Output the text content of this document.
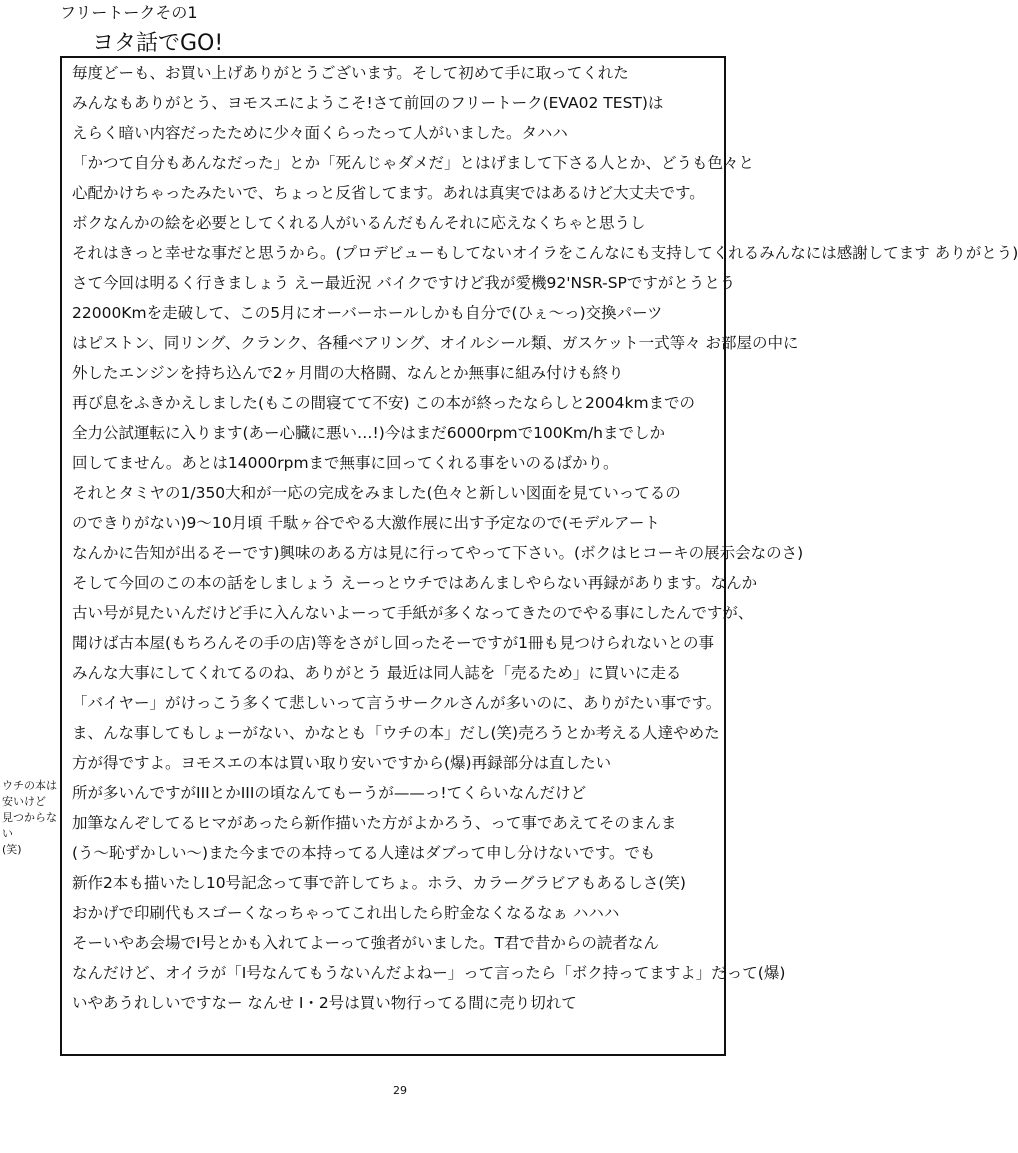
フリートークその1
ヨタ話でGO!
毎度どーも、お買い上げありがとうございます。そして初めて手に取ってくれた
みんなもありがとう、ヨモスエにようこそ!さて前回のフリートーク(EVA02 TEST)は
えらく暗い内容だったために少々面くらったって人がいました。タハハ
「かつて自分もあんなだった」とか「死んじゃダメだ」とはげまして下さる人とか、どうも色々と
心配かけちゃったみたいで、ちょっと反省してます。あれは真実ではあるけど大丈夫です。
ボクなんかの絵を必要としてくれる人がいるんだもんそれに応えなくちゃと思うし
それはきっと幸せな事だと思うから。(プロデビューもしてないオイラをこんなにも支持してくれるみんなには感謝してます ありがとう)
さて今回は明るく行きましょう えー最近況 バイクですけど我が愛機92'NSR-SPですがとうとう
22000Kmを走破して、この5月にオーバーホールしかも自分で(ひぇ〜っ)交換パーツ
はピストン、同リング、クランク、各種ベアリング、オイルシール類、ガスケット一式等々 お部屋の中に
外したエンジンを持ち込んで2ヶ月間の大格闘、なんとか無事に組み付けも終り
再び息をふきかえしました(もこの間寝てて不安) この本が終ったならしと2004kmまでの
全力公試運転に入ります(あー心臓に悪い…!)今はまだ6000rpmで100Km/hまでしか
回してません。あとは14000rpmまで無事に回ってくれる事をいのるばかり。
それとタミヤの1/350大和が一応の完成をみました(色々と新しい図面を見ていってるの
のできりがない)9〜10月頃 千駄ヶ谷でやる大激作展に出す予定なので(モデルアート
なんかに告知が出るそーです)興味のある方は見に行ってやって下さい。(ボクはヒコーキの展示会なのさ)
そして今回のこの本の話をしましょう えーっとウチではあんましやらない再録があります。なんか
古い号が見たいんだけど手に入んないよーって手紙が多くなってきたのでやる事にしたんですが、
聞けば古本屋(もちろんその手の店)等をさがし回ったそーですが1冊も見つけられないとの事
みんな大事にしてくれてるのね、ありがとう 最近は同人誌を「売るため」に買いに走る
「バイヤー」がけっこう多くて悲しいって言うサークルさんが多いのに、ありがたい事です。
ま、んな事してもしょーがない、かなとも「ウチの本」だし(笑)売ろうとか考える人達やめた
方が得ですよ。ヨモスエの本は買い取り安いですから(爆)再録部分は直したい
所が多いんですがIIIとかIIIの頃なんてもーうが——っ!てくらいなんだけど
加筆なんぞしてるヒマがあったら新作描いた方がよかろう、って事であえてそのまんま
(う〜恥ずかしい〜)また今までの本持ってる人達はダブって申し分けないです。でも
新作2本も描いたし10号記念って事で許してちょ。ホラ、カラーグラビアもあるしさ(笑)
おかげで印刷代もスゴーくなっちゃってこれ出したら貯金なくなるなぁ ハハハ
そーいやあ会場でI号とかも入れてよーって強者がいました。T君で昔からの読者なん
なんだけど、オイラが「I号なんてもうないんだよねー」って言ったら「ボク持ってますよ」だって(爆)
いやあうれしいですなー なんせ I・2号は買い物行ってる間に売り切れて
ウチの本は
安いけど
見つからない
(笑)
29
